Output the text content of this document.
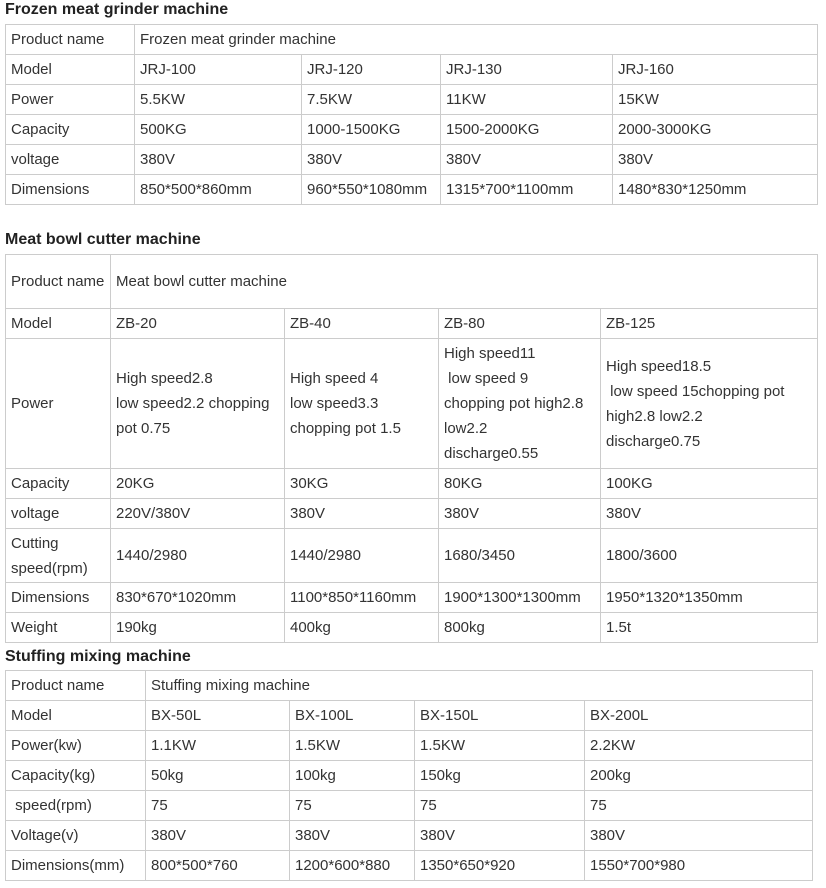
Frozen meat grinder machine
Product name	Frozen meat grinder machine			
Model	JRJ-100	JRJ-120	JRJ-130	JRJ-160
Power	5.5KW	7.5KW	11KW	15KW
Capacity	500KG	1000-1500KG	1500-2000KG	2000-3000KG
voltage	380V	380V	380V	380V
Dimensions	850*500*860mm	960*550*1080mm	1315*700*1100mm	1480*830*1250mm
Meat bowl cutter machine
Product name	Meat bowl cutter machine			
Model	ZB-20	ZB-40	ZB-80	ZB-125
Power	High speed2.8
low speed2.2 chopping pot 0.75	High speed 4
low speed3.3
chopping pot 1.5	High speed11
low speed 9
chopping pot high2.8 low2.2
discharge0.55	High speed18.5
low speed 15chopping pot high2.8 low2.2
discharge0.75
Capacity	20KG	30KG	80KG	100KG
voltage	220V/380V	380V	380V	380V
Cutting speed(rpm)	1440/2980	1440/2980	1680/3450	1800/3600
Dimensions	830*670*1020mm	1100*850*1160mm	1900*1300*1300mm	1950*1320*1350mm
Weight	190kg	400kg	800kg	1.5t
Stuffing mixing machine
Product name	Stuffing mixing machine			
Model	BX-50L	BX-100L	BX-150L	BX-200L
Power(kw)	1.1KW	1.5KW	1.5KW	2.2KW
Capacity(kg)	50kg	100kg	150kg	200kg
speed(rpm)	75	75	75	75
Voltage(v)	380V	380V	380V	380V
Dimensions(mm)	800*500*760	1200*600*880	1350*650*920	1550*700*980
